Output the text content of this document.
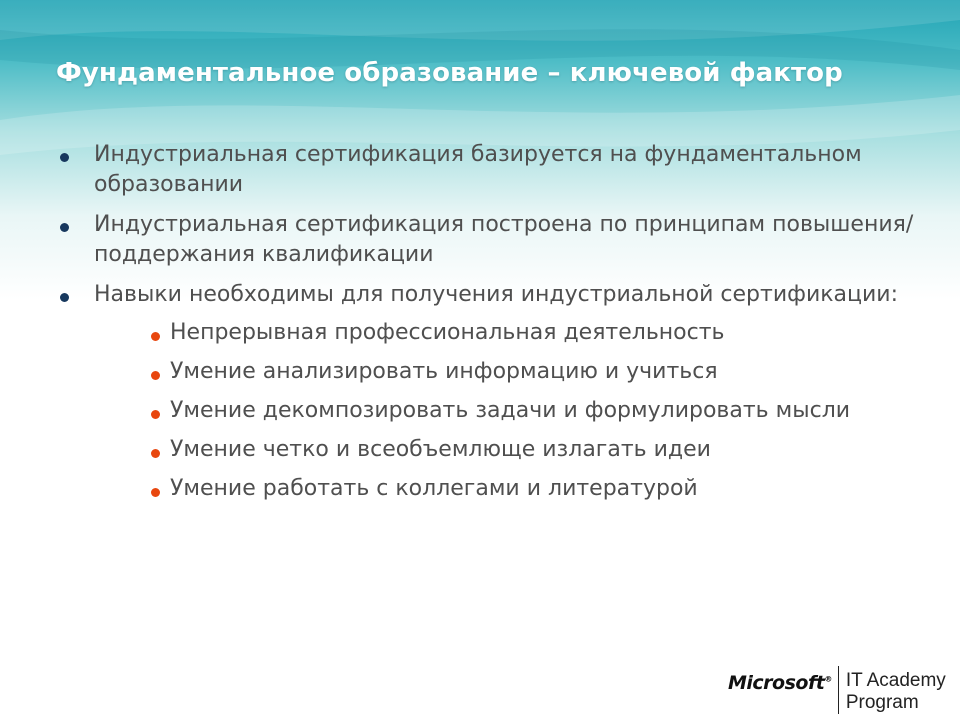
Фундаментальное образование – ключевой фактор
Индустриальная сертификация базируется на фундаментальном образовании
Индустриальная сертификация построена по принципам повышения/поддержания квалификации
Навыки необходимы для получения индустриальной сертификации:
Непрерывная профессиональная деятельность
Умение анализировать информацию и учиться
Умение декомпозировать задачи и формулировать мысли
Умение четко и всеобъемлюще излагать идеи
Умение работать с коллегами и литературой
Microsoft® IT Academy
Program
